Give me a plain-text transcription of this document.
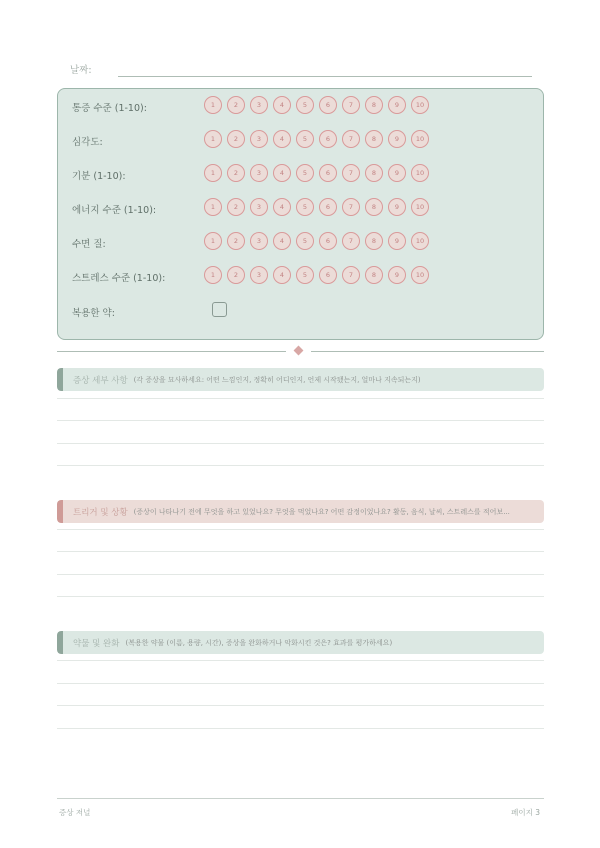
날짜:
통증 수준 (1-10):	1	2	3	4	5	6	7	8	9	10
심각도:	1	2	3	4	5	6	7	8	9	10
기분 (1-10):	1	2	3	4	5	6	7	8	9	10
에너지 수준 (1-10):	1	2	3	4	5	6	7	8	9	10
수면 질:	1	2	3	4	5	6	7	8	9	10
스트레스 수준 (1-10):	1	2	3	4	5	6	7	8	9	10
복용한 약:
증상 세부 사항 (각 증상을 묘사하세요: 어떤 느낌인지, 정확히 어디인지, 언제 시작됐는지, 얼마나 지속되는지)
트리거 및 상황 (증상이 나타나기 전에 무엇을 하고 있었나요? 무엇을 먹었나요? 어떤 감정이었나요? 활동, 음식, 날씨, 스트레스를 적어보...
약물 및 완화 (복용한 약물 (이름, 용량, 시간), 증상을 완화하거나 악화시킨 것은? 효과를 평가하세요)
증상 저널	페이지 3
